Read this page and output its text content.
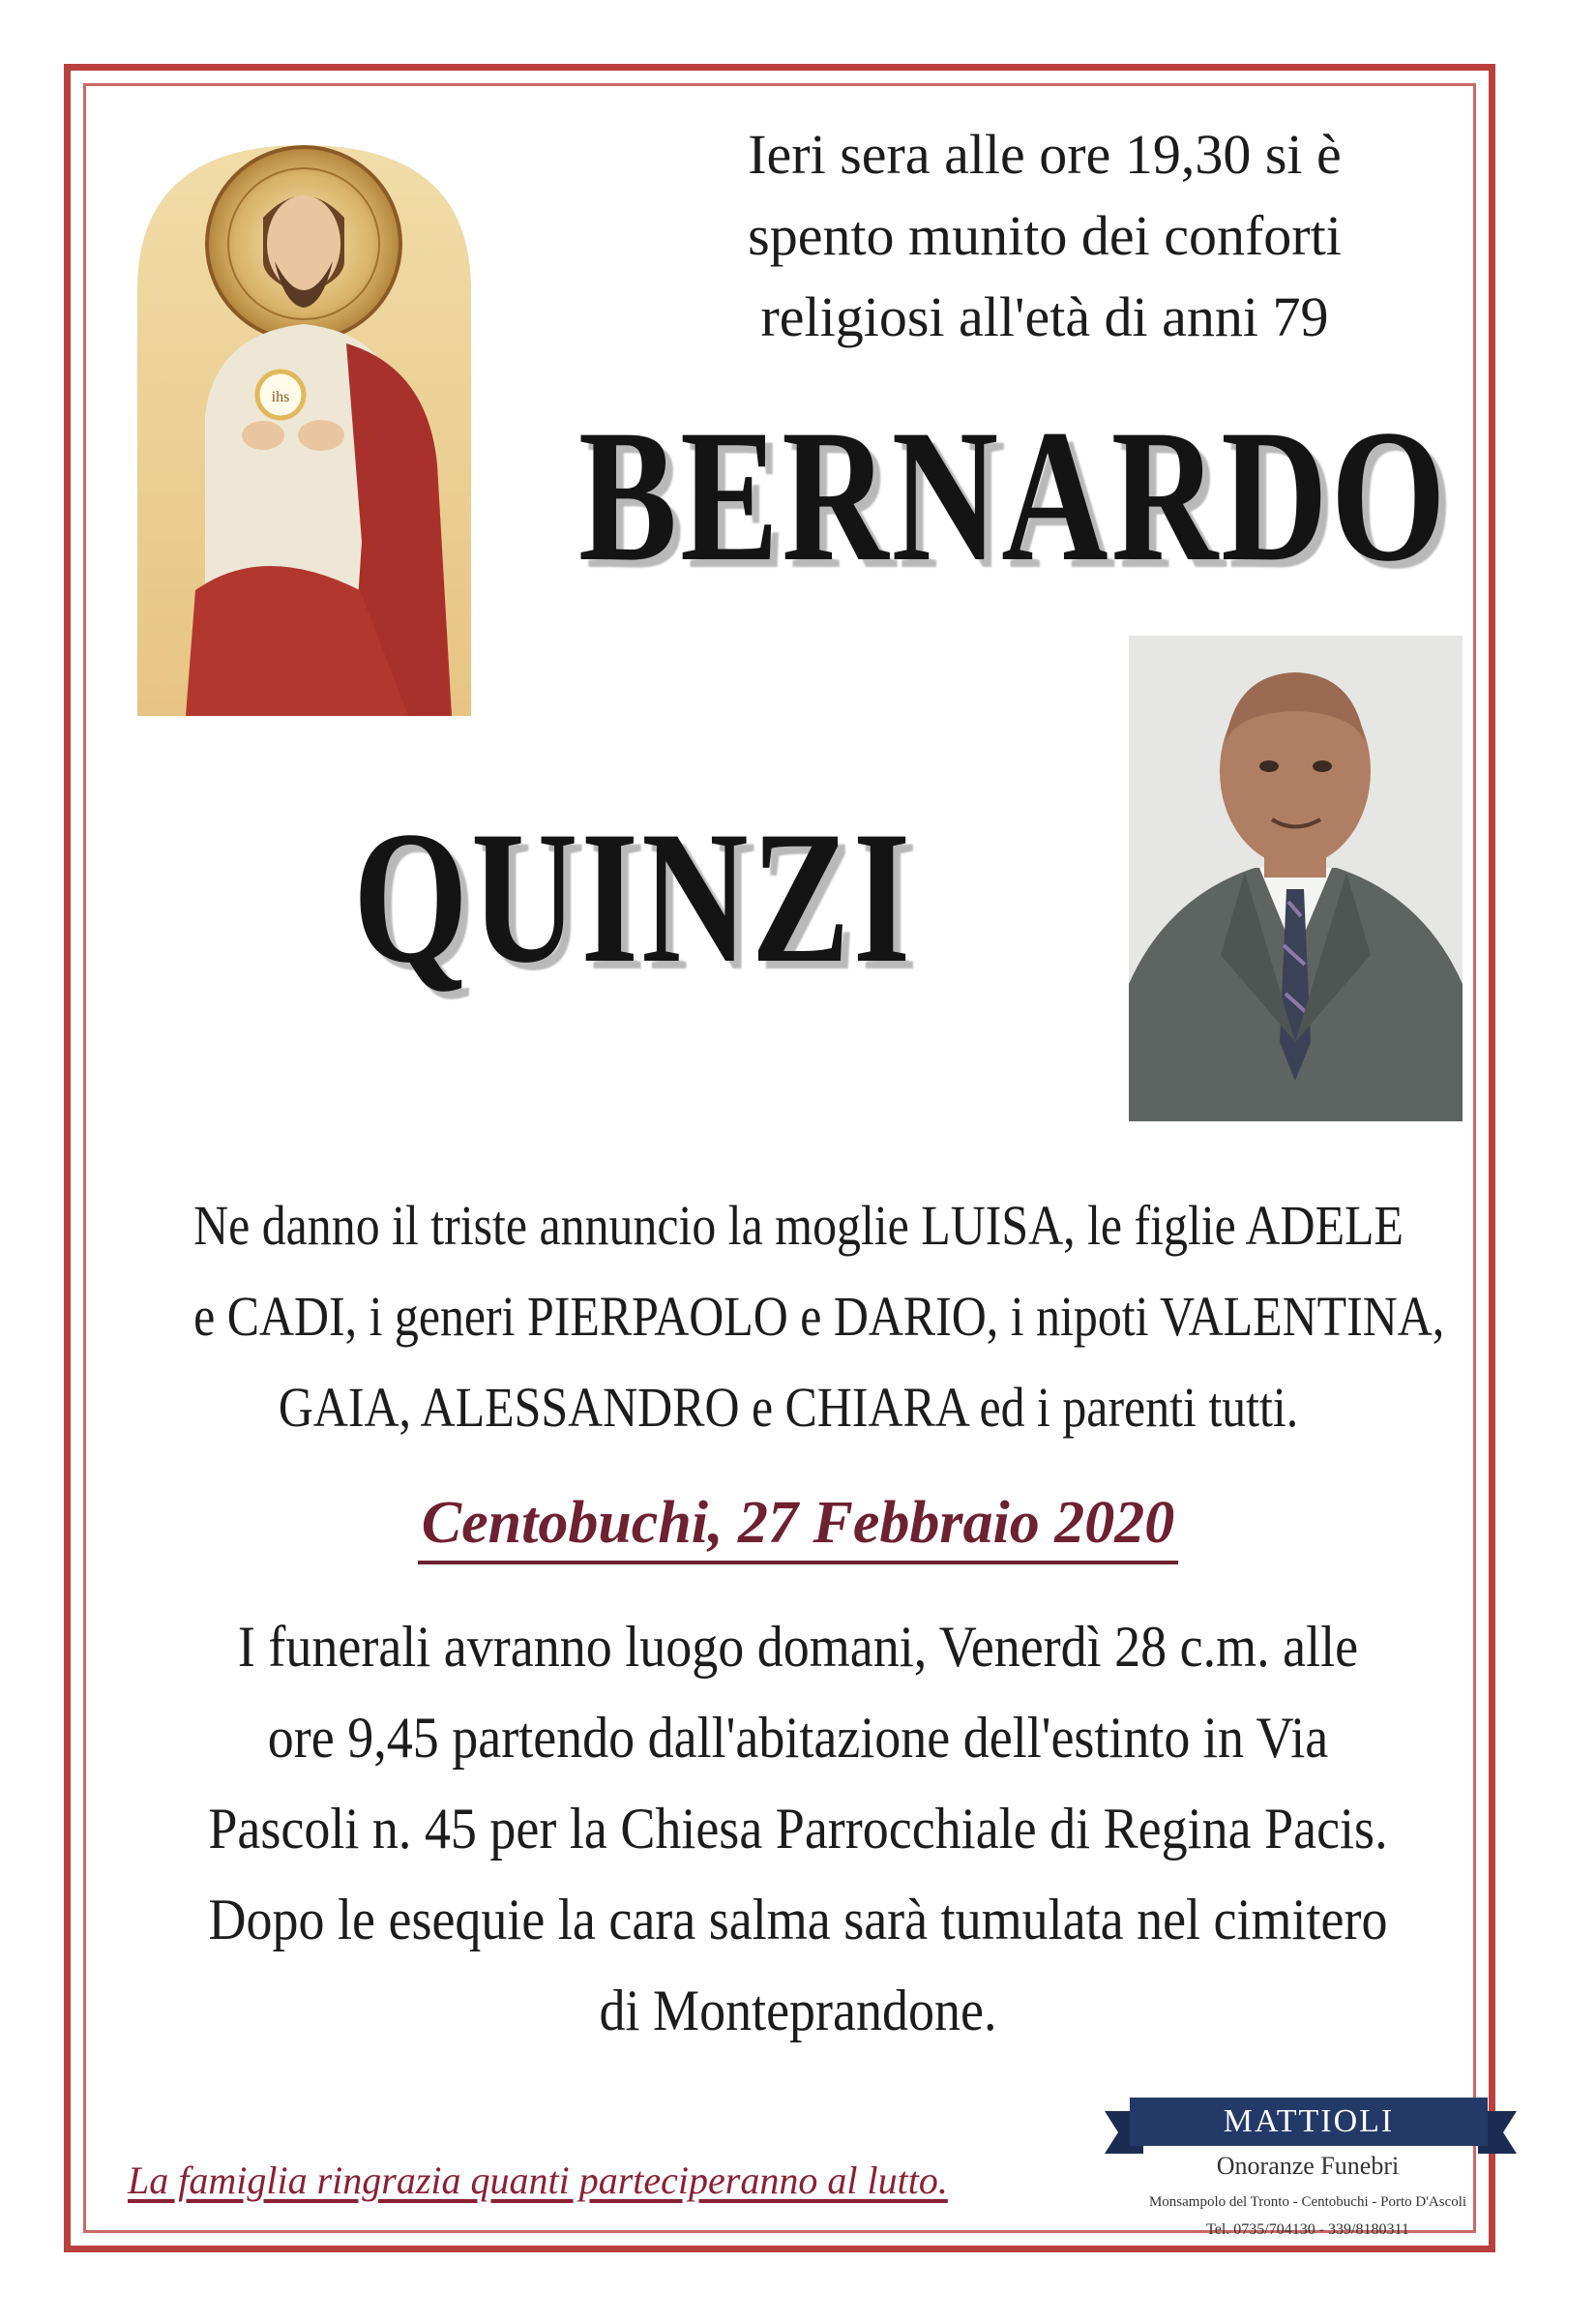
ihs
Ieri sera alle ore 19,30 si è
spento munito dei conforti
religiosi all'età di anni 79
BERNARDO
QUINZI
Ne danno il triste annuncio la moglie LUISA, le figlie ADELE
e CADI, i generi PIERPAOLO e DARIO, i nipoti VALENTINA,
GAIA, ALESSANDRO e CHIARA ed i parenti tutti.
Centobuchi, 27 Febbraio 2020
I funerali avranno luogo domani, Venerdì 28 c.m. alle
ore 9,45 partendo dall'abitazione dell'estinto in Via
Pascoli n. 45 per la Chiesa Parrocchiale di Regina Pacis.
Dopo le esequie la cara salma sarà tumulata nel cimitero
di Monteprandone.
La famiglia ringrazia quanti parteciperanno al lutto.
MATTIOLI
Onoranze Funebri
Monsampolo del Tronto - Centobuchi - Porto D'Ascoli
Tel. 0735/704130 - 339/8180311
